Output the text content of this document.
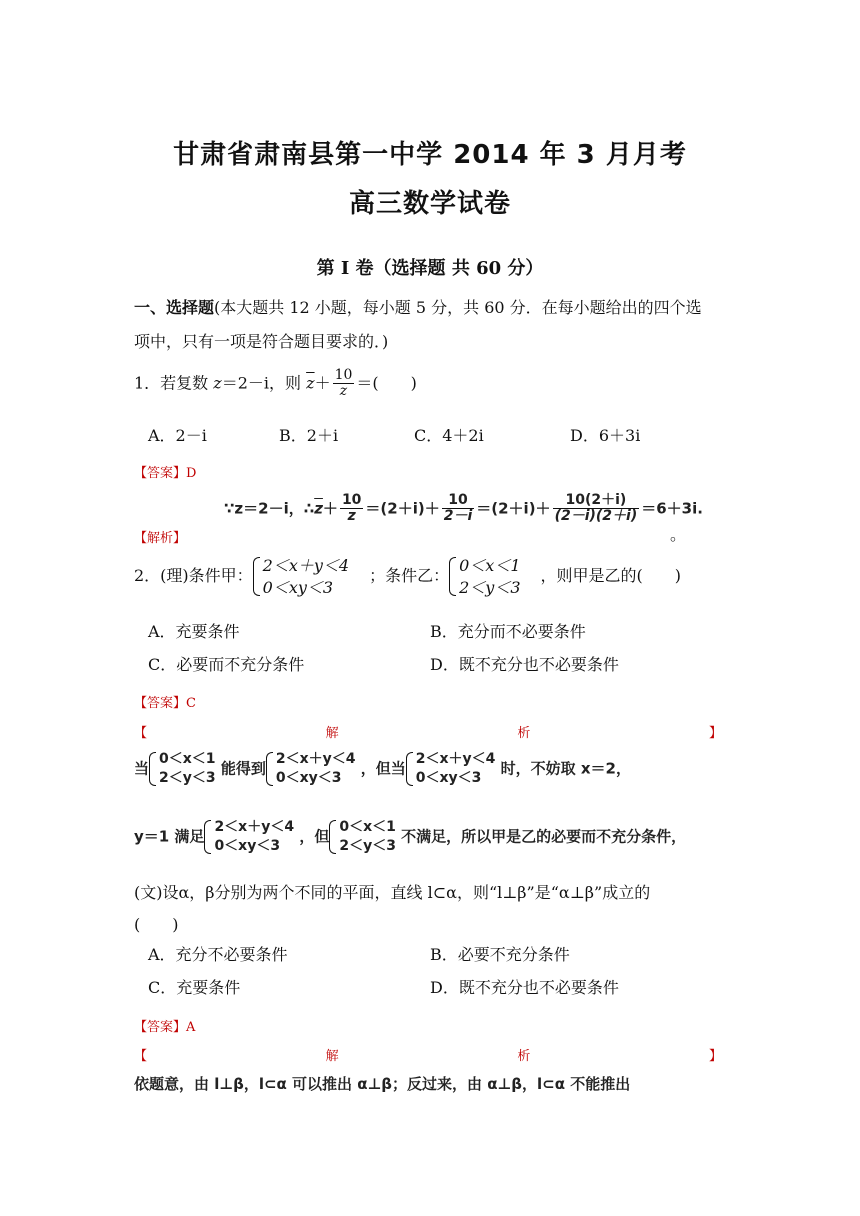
甘肃省肃南县第一中学 2014 年 3 月月考
高三数学试卷
第 I 卷（选择题 共 60 分）
一、选择题(本大题共 12 小题，每小题 5 分，共 60 分．在每小题给出的四个选
项中，只有一项是符合题目要求的．)
1．若复数 z＝2－i，则 $\overline{z}+ \frac{10}{z}$ ＝(　　)
A．2－i	B．2＋i	C．4＋2i	D．6＋3i
【答案】D
∵z＝2－i，$\therefore\overline{z}+ \frac{10}{z} =(2+i)+ \frac{10}{2-i} =(2+i)+ \frac{10(2+i)}{(2-i)(2+i)} =6+3i$.
【解析】	。
2．(理)条件甲：
2＜x＋y＜4
0＜xy＜3
；条件乙：
0＜x＜1
2＜y＜3
，则甲是乙的(　　)
A．充要条件	B．充分而不必要条件
C．必要而不充分条件	D．既不充分也不必要条件
【答案】C
【	解	析	】
当
0＜x＜1
2＜y＜3
能得到
2＜x＋y＜4
0＜xy＜3
，但当
2＜x＋y＜4
0＜xy＜3
时，不妨取 x＝2，
y＝1 满足
2＜x＋y＜4
0＜xy＜3
，但
0＜x＜1
2＜y＜3
不满足，所以甲是乙的必要而不充分条件，
(文)设α，β分别为两个不同的平面，直线 l⊂α，则“l⊥β”是“α⊥β”成立的
(　　)
A．充分不必要条件	B．必要不充分条件
C．充要条件	D．既不充分也不必要条件
【答案】A
【	解	析	】
依题意，由 l⊥β，l⊂α 可以推出 α⊥β；反过来，由 α⊥β，l⊂α 不能推出
